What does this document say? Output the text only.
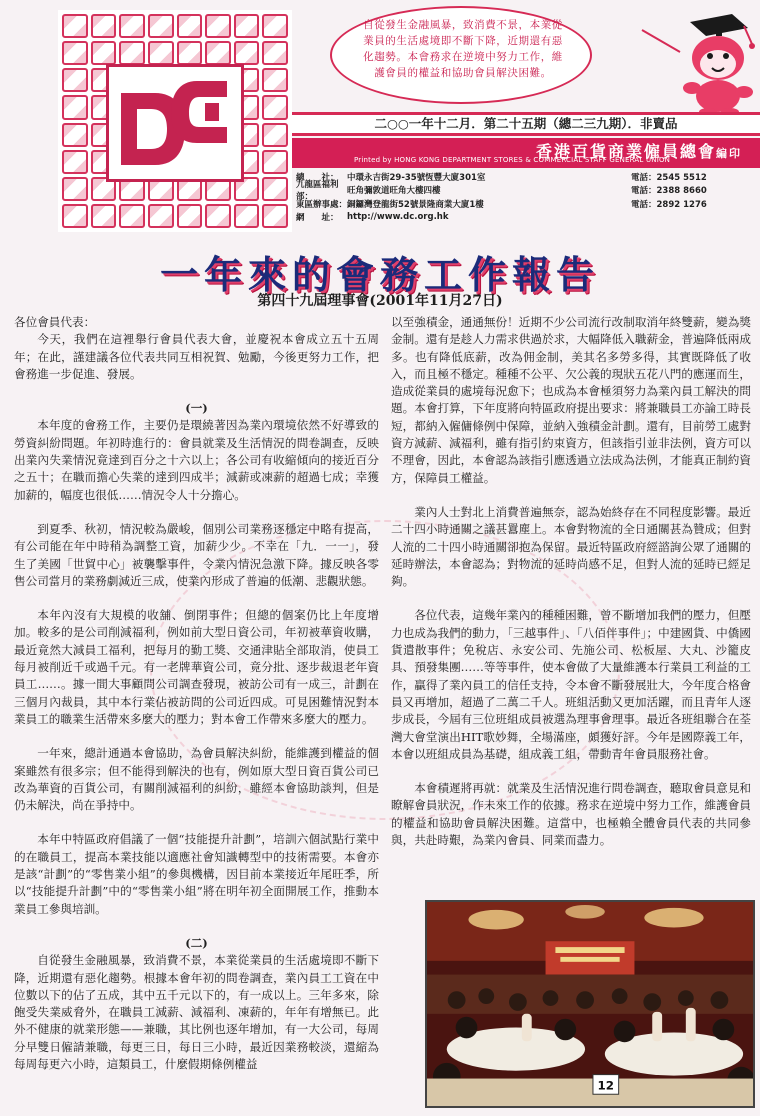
自從發生金融風暴，致消費不景，本業從業員的生活處境即不斷下降，近期還有惡化趨勢。本會務求在逆境中努力工作，維護會員的權益和協助會員解決困難。
二○○一年十二月．第二十五期（總二三九期）．非賣品
香港百貨商業僱員總會編印
Printed by HONG KONG DEPARTMENT STORES & COMMERCIAL STAFF GENERAL UNION
總　　社： 中環永吉街29-35號恆豐大廈301室	電話：2545 5512
九龍區福利部：
旺角彌敦道旺角大樓四樓	電話：2388 8660
東區辦事處： 銅鑼灣登龍街52號景隆商業大廈1樓	電話：2892 1276
網　　址： http://www.dc.org.hk
一年來的會務工作報告
第四十九屆理事會(2001年11月27日)

各位會員代表：

今天，我們在這裡舉行會員代表大會，並慶祝本會成立五十五周年；在此，謹建議各位代表共同互相祝賀、勉勵，今後更努力工作，把會務進一步促進、發展。

(一)

本年度的會務工作，主要仍是環繞著因為業內環境依然不好導致的勞資糾紛問題。年初時進行的：會員就業及生活情況的問卷調查，反映出業內失業情況竟達到百分之十六以上；各公司有收縮傾向的接近百分之五十；在職而擔心失業的達到四成半；減薪或凍薪的超過七成；幸獲加薪的，幅度也很低……情況令人十分擔心。

到夏季、秋初，情況較為嚴峻，個別公司業務逐穩定中略有提高，有公司能在年中時稍為調整工資，加薪少少。不幸在「九．一一」，發生了美國「世貿中心」被襲擊事件，令業內情況急激下降。據反映各零售公司當月的業務劇減近三成，使業內形成了普遍的低潮、悲觀狀態。

本年內沒有大規模的收舖、倒閉事件；但總的個案仍比上年度增加。較多的是公司削減福利，例如前大型日資公司，年初被華資收購，最近竟然大減員工福利，把每月的勤工獎、交通津貼全部取消，使員工每月被削近千或過千元。有一老牌華資公司，竟分批、逐步裁退老年資員工……。據一間大事顧問公司調查發現，被訪公司有一成三，計劃在三個月內裁員，其中本行業佔被訪問的公司近四成。可見困難情況對本業員工的職業生活帶來多麼大的壓力；對本會工作帶來多麼大的壓力。

一年來，總計通過本會協助，為會員解決糾紛，能維護到權益的個案雖然有很多宗；但不能得到解決的也有，例如原大型日資百貨公司已改為華資的百貨公司，有關削減福利的糾紛，雖經本會協助談判，但是仍未解決，尚在爭持中。

本年中特區政府倡議了一個“技能提升計劃”，培訓六個試點行業中的在職員工，提高本業技能以適應社會知識轉型中的技術需要。本會亦是該“計劃”的“零售業小組”的參與機構，因目前本業接近年尾旺季，所以“技能提升計劃”中的“零售業小組”將在明年初全面開展工作，推動本業員工參與培訓。

(二)

自從發生金融風暴，致消費不景，本業從業員的生活處境即不斷下降，近期還有惡化趨勢。根據本會年初的問卷調查，業內員工工資在中位數以下的佔了五成，其中五千元以下的，有一成以上。三年多來，除飽受失業威脅外，在職員工減薪、減福利、凍薪的，年年有增無已。此外不健康的就業形態——兼職，其比例也逐年增加，有一大公司，每周分早雙日僱請兼職，每更三日，每日三小時，最近因業務較淡，還縮為每周每更六小時，這類員工，什麼假期條例權益

以至強積金，通通無份！近期不少公司流行改制取消年終雙薪，變為獎金制。還有是趁人力需求供過於求，大幅降低入職薪金，普遍降低兩成多。也有降低底薪，改為佣金制，美其名多勞多得，其實既降低了收入，而且極不穩定。種種不公平、欠公義的現狀五花八門的應運而生，造成從業員的處境每況愈下；也成為本會極須努力為業內員工解決的問題。本會打算，下年度將向特區政府提出要求：將兼職員工亦論工時長短，都納入僱傭條例中保障，並納入強積金計劃。還有，目前勞工處對資方減薪、減福利，雖有指引約束資方，但該指引並非法例，資方可以不理會，因此，本會認為該指引應透過立法成為法例，才能真正制約資方，保障員工權益。

業內人士對北上消費普遍無奈，認為始終存在不同程度影響。最近二十四小時通關之議甚囂塵上。本會對物流的全日通關甚為贊成；但對人流的二十四小時通關卻抱為保留。最近特區政府經諮詢公眾了通關的延時辦法，本會認為；對物流的延時尚感不足，但對人流的延時已經足夠。

各位代表，這幾年業內的種種困難，曾不斷增加我們的壓力，但壓力也成為我們的動力，「三越事件」、「八佰伴事件」；中建國貨、中僑國貨遣散事件；免稅店、永安公司、先施公司、松板屋、大丸、沙籠皮具、預發集團……等等事件，使本會做了大量維護本行業員工利益的工作，贏得了業內員工的信任支持，令本會不斷發展壯大，今年度合格會員又再增加，超過了二萬二千人。班組活動又更加活躍，而且青年人逐步成長，今屆有三位班組成員被選為理事會理事。最近各班組聯合在荃灣大會堂演出HIT歌妙舞，全場滿座，頗獲好評。今年是國際義工年，本會以班組成員為基礎，組成義工組，帶動青年會員服務社會。

本會積遲將再就：就業及生活情況進行問卷調查，聽取會員意見和瞭解會員狀況，作未來工作的依據。務求在逆境中努力工作，維護會員的權益和協助會員解決困難。這當中，也極賴全體會員代表的共同參與，共赴時艱，為業內會員、同業而盡力。

12
